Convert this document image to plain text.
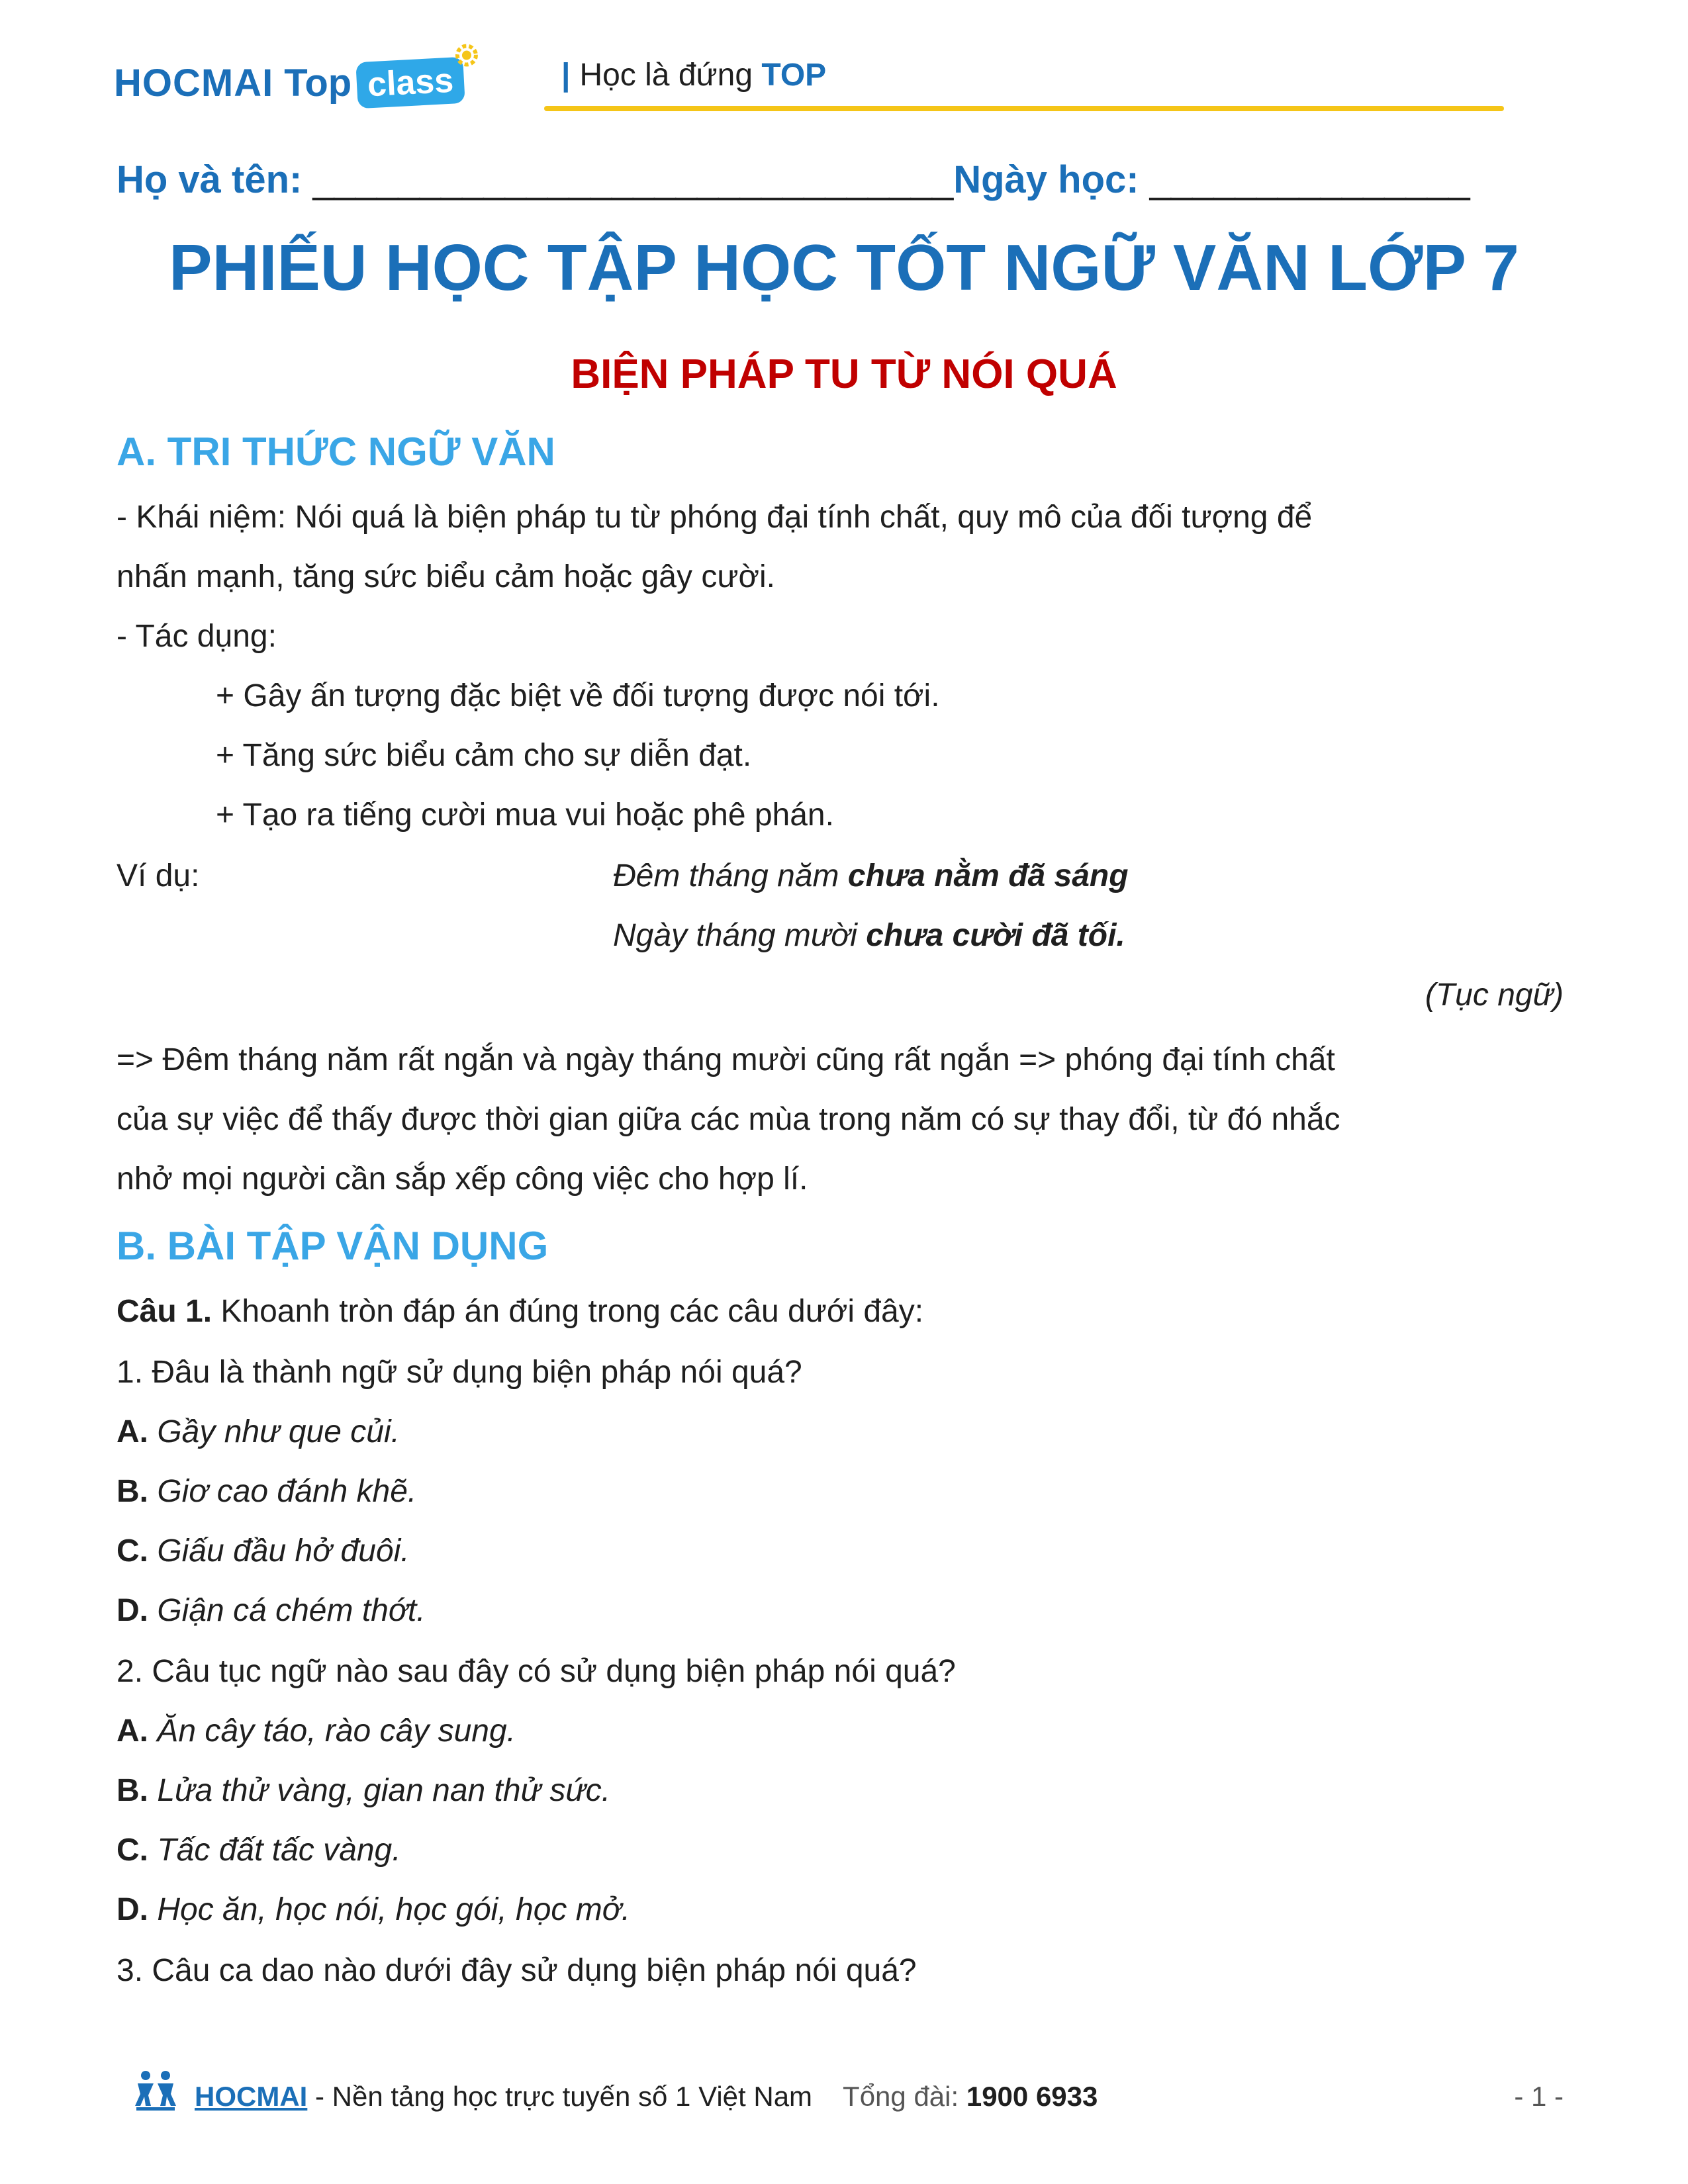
HOCMAI Top class	| Học là đứng TOP
Họ và tên: ______________________________Ngày học: _______________
PHIẾU HỌC TẬP HỌC TỐT NGỮ VĂN LỚP 7
BIỆN PHÁP TU TỪ NÓI QUÁ
A. TRI THỨC NGỮ VĂN
- Khái niệm: Nói quá là biện pháp tu từ phóng đại tính chất, quy mô của đối tượng để
nhấn mạnh, tăng sức biểu cảm hoặc gây cười.
- Tác dụng:
+ Gây ấn tượng đặc biệt về đối tượng được nói tới.
+ Tăng sức biểu cảm cho sự diễn đạt.
+ Tạo ra tiếng cười mua vui hoặc phê phán.
Ví dụ:	Đêm tháng năm chưa nằm đã sáng
Ngày tháng mười chưa cười đã tối.
(Tục ngữ)
=> Đêm tháng năm rất ngắn và ngày tháng mười cũng rất ngắn => phóng đại tính chất
của sự việc để thấy được thời gian giữa các mùa trong năm có sự thay đổi, từ đó nhắc
nhở mọi người cần sắp xếp công việc cho hợp lí.
B. BÀI TẬP VẬN DỤNG
Câu 1. Khoanh tròn đáp án đúng trong các câu dưới đây:
1. Đâu là thành ngữ sử dụng biện pháp nói quá?
A. Gầy như que củi.
B. Giơ cao đánh khẽ.
C. Giấu đầu hở đuôi.
D. Giận cá chém thớt.
2. Câu tục ngữ nào sau đây có sử dụng biện pháp nói quá?
A. Ăn cây táo, rào cây sung.
B. Lửa thử vàng, gian nan thử sức.
C. Tấc đất tấc vàng.
D. Học ăn, học nói, học gói, học mở.
3. Câu ca dao nào dưới đây sử dụng biện pháp nói quá?
HOCMAI - Nền tảng học trực tuyến số 1 Việt Nam Tổng đài: 1900 6933	- 1 -
